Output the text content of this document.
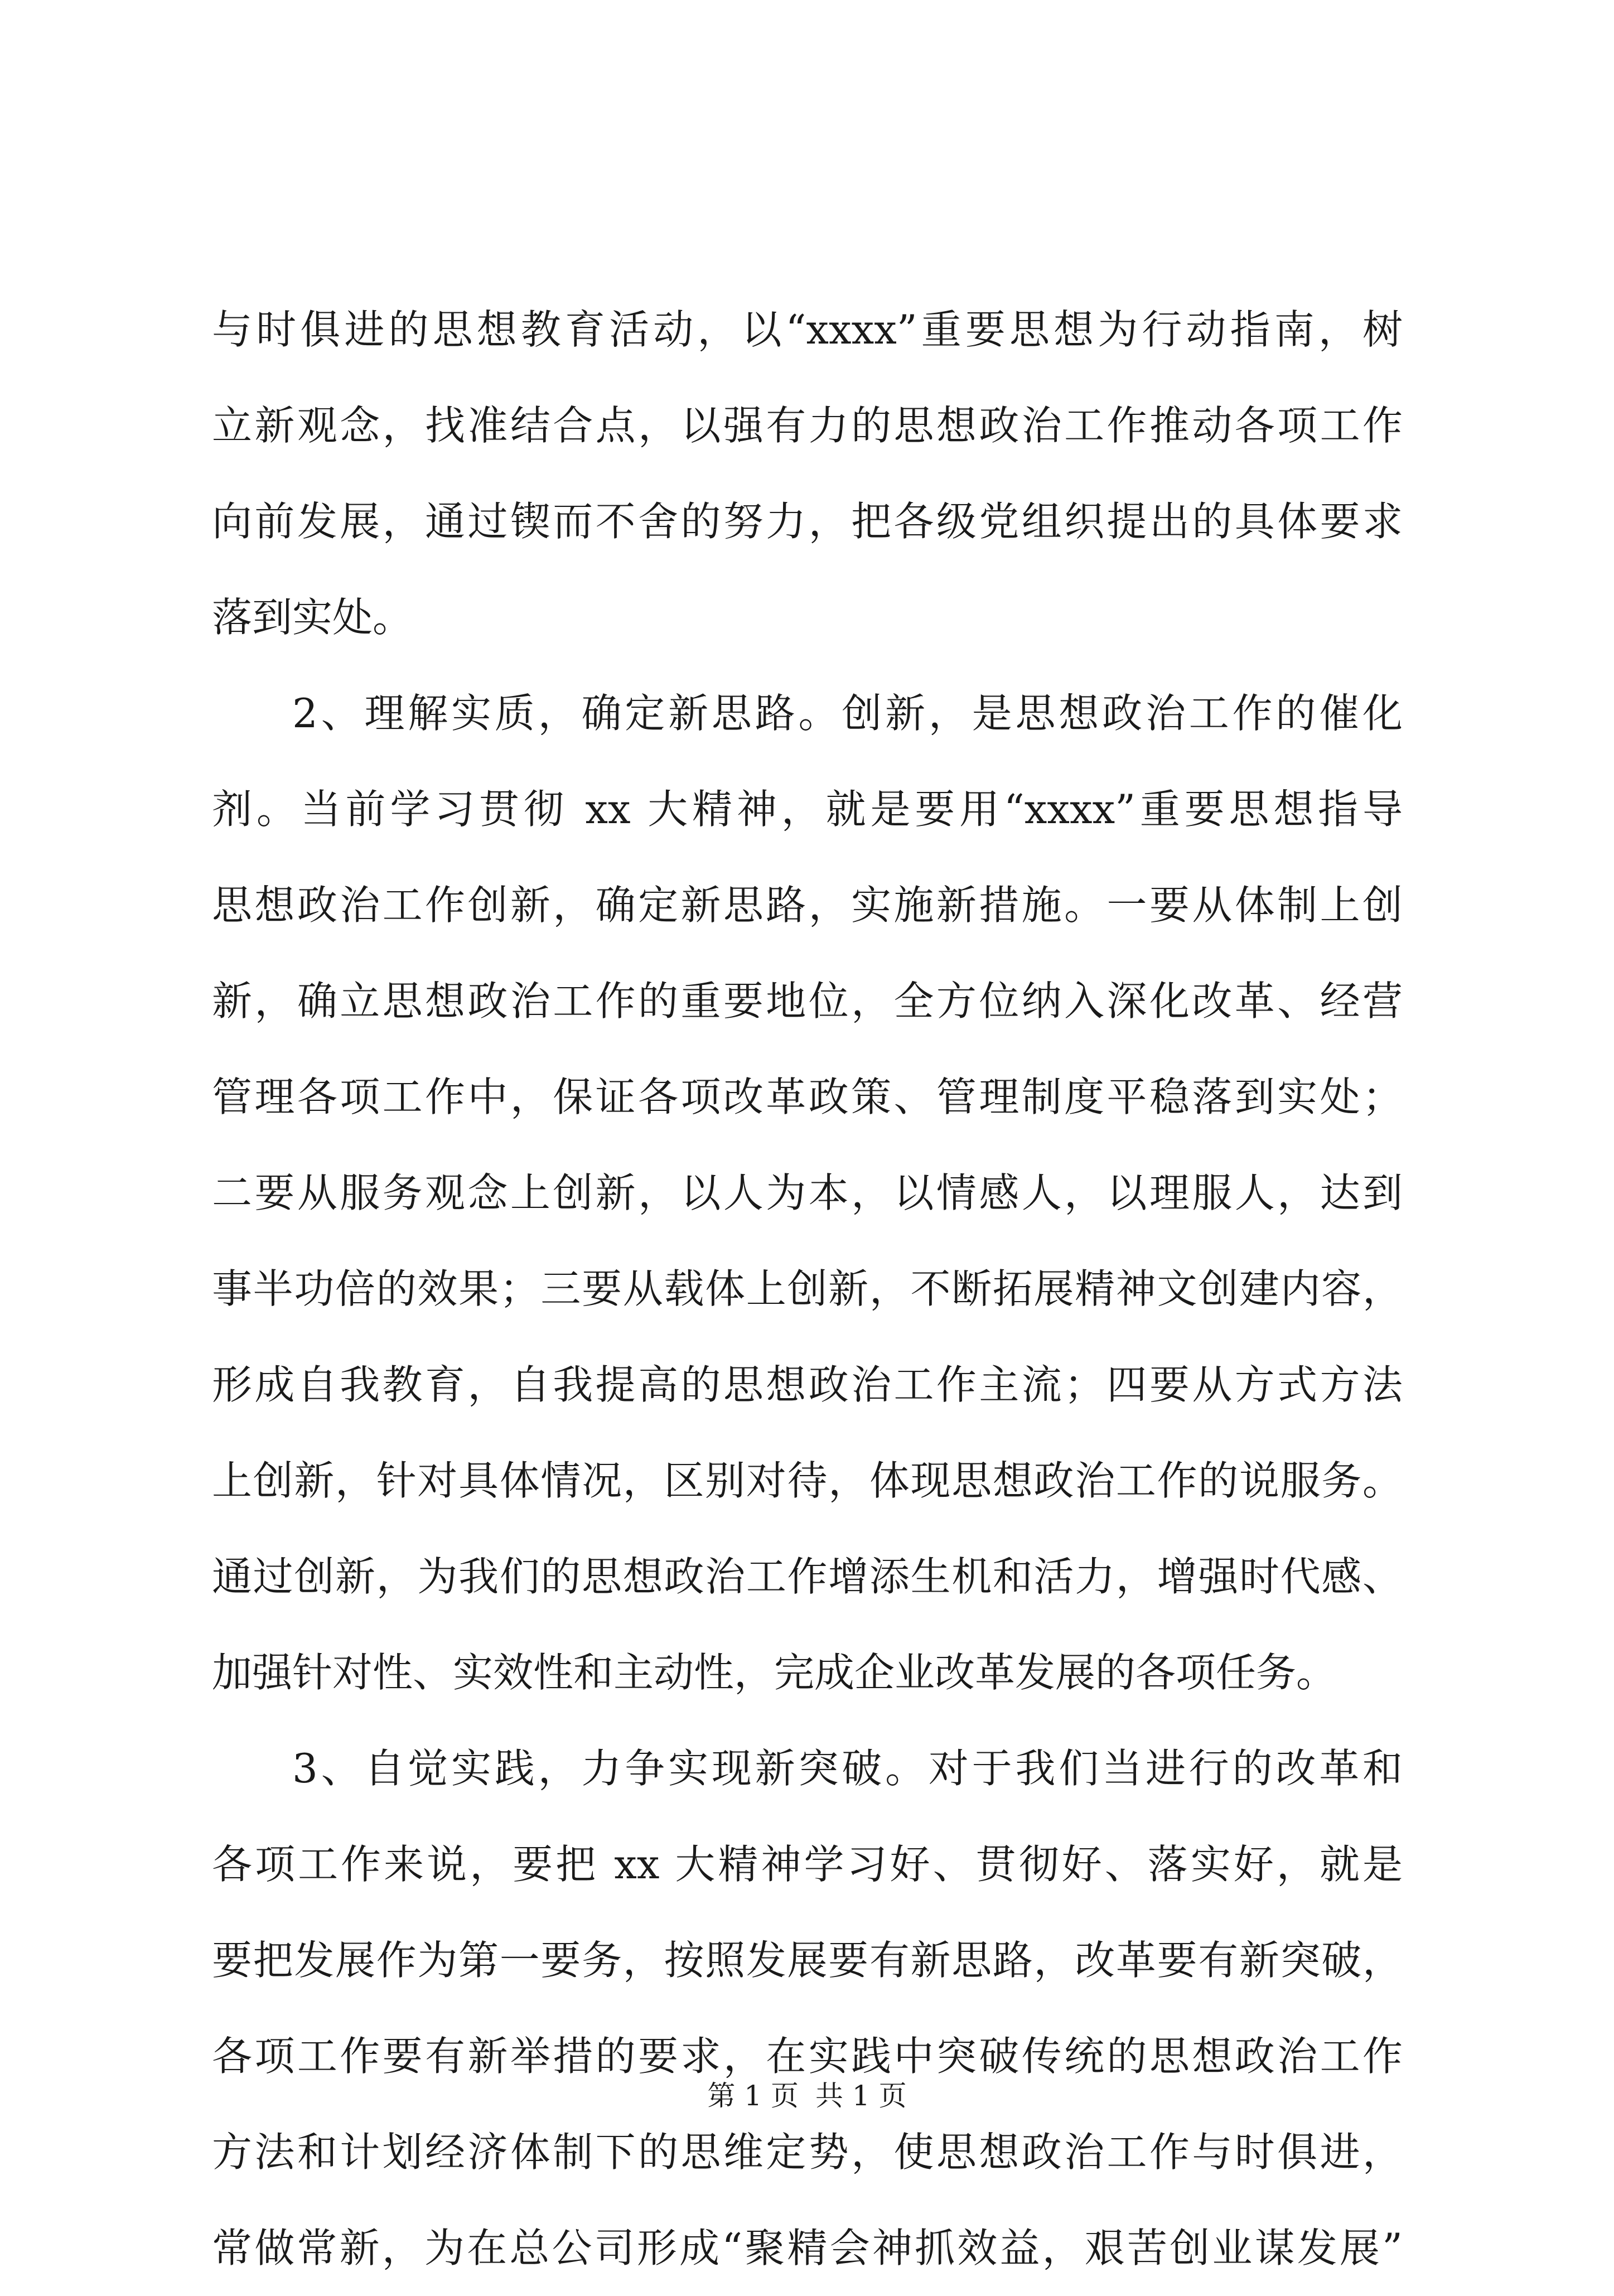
与时俱进的思想教育活动，以“xxxx”重要思想为行动指南，树
立新观念，找准结合点，以强有力的思想政治工作推动各项工作
向前发展，通过锲而不舍的努力，把各级党组织提出的具体要求
落到实处。
2、理解实质，确定新思路。创新，是思想政治工作的催化
剂。当前学习贯彻 xx 大精神，就是要用“xxxx”重要思想指导
思想政治工作创新，确定新思路，实施新措施。一要从体制上创
新，确立思想政治工作的重要地位，全方位纳入深化改革、经营
管理各项工作中，保证各项改革政策、管理制度平稳落到实处；
二要从服务观念上创新，以人为本，以情感人，以理服人，达到
事半功倍的效果；三要从载体上创新，不断拓展精神文创建内容，
形成自我教育，自我提高的思想政治工作主流；四要从方式方法
上创新，针对具体情况，区别对待，体现思想政治工作的说服务。
通过创新，为我们的思想政治工作增添生机和活力，增强时代感、
加强针对性、实效性和主动性，完成企业改革发展的各项任务。
3、自觉实践，力争实现新突破。对于我们当进行的改革和
各项工作来说，要把 xx 大精神学习好、贯彻好、落实好，就是
要把发展作为第一要务，按照发展要有新思路，改革要有新突破，
各项工作要有新举措的要求，在实践中突破传统的思想政治工作
方法和计划经济体制下的思维定势，使思想政治工作与时俱进，
常做常新，为在总公司形成“聚精会神抓效益，艰苦创业谋发展”
第 1 页 共 1 页
